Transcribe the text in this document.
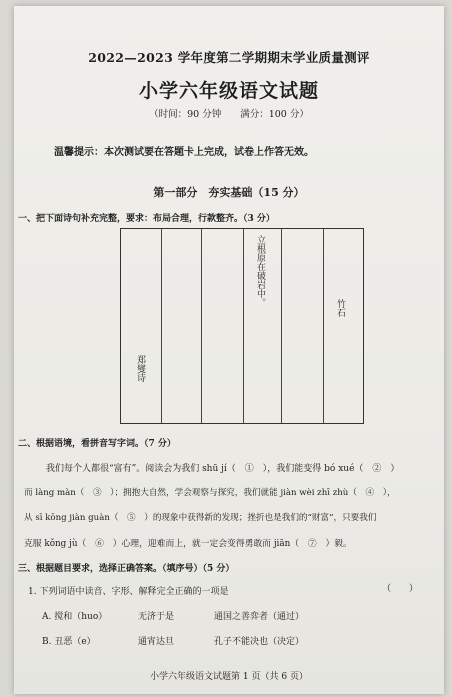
2022—2023 学年度第二学期期末学业质量测评
小学六年级语文试题
（时间：90 分钟　　满分：100 分）
温馨提示：本次测试要在答题卡上完成，试卷上作答无效。
第一部分　夯实基础（15 分）
一、把下面诗句补充完整，要求：布局合理，行款整齐。（3 分）
郑燮诗
立根原在破岩中。
竹石
二、根据语境，看拼音写字词。（7 分）
我们每个人都很“富有”。阅读会为我们 shū jí（　①　），我们能变得 bó xué（　②　）
而 làng màn（　③　）；拥抱大自然，学会观察与探究，我们就能 jiàn wèi zhī zhù（　④　），
从 sī kōng jiàn guàn（　⑤　）的现象中获得新的发现；挫折也是我们的“财富”，只要我们
克服 kǒng jù（　⑥　）心理，迎难而上，就一定会变得勇敢而 jiān（　⑦　）毅。
三、根据题目要求，选择正确答案。（填序号）（5 分）
1. 下列词语中读音、字形、解释完全正确的一项是	（　　）
A. 搅和（huo）	无济于是	通国之善弈者（通过）
B. 丑恶（e）	通宵达旦	孔子不能决也（决定）
小学六年级语文试题第 1 页（共 6 页）
